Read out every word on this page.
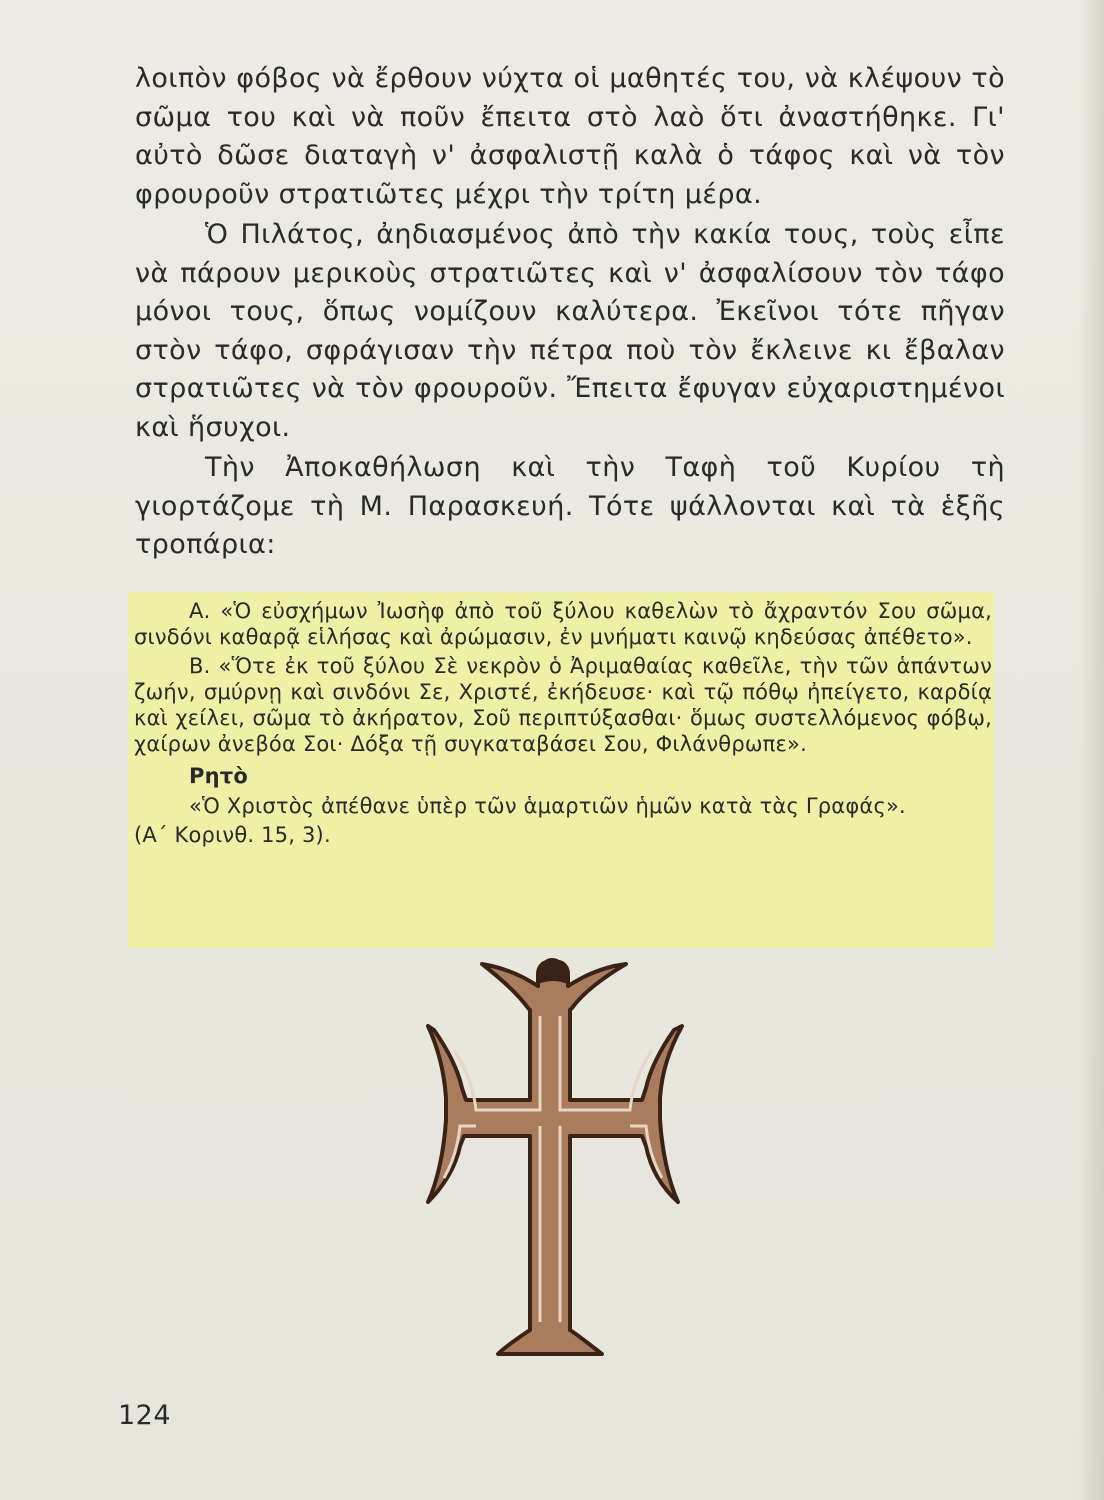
λοιπὸν φόβος νὰ ἔρθουν νύχτα οἱ μαθητές του, νὰ κλέψουν τὸ σῶμα του καὶ νὰ ποῦν ἔπειτα στὸ λαὸ ὅτι ἀναστήθηκε. Γι' αὐτὸ δῶσε διαταγὴ ν' ἀσφαλιστῇ καλὰ ὁ τάφος καὶ νὰ τὸν φρουροῦν στρατιῶτες μέχρι τὴν τρίτη μέρα.

Ὁ Πιλάτος, ἀηδιασμένος ἀπὸ τὴν κακία τους, τοὺς εἶπε νὰ πάρουν μερικοὺς στρατιῶτες καὶ ν' ἀσφαλίσουν τὸν τάφο μόνοι τους, ὅπως νομίζουν καλύτερα. Ἐκεῖνοι τότε πῆγαν στὸν τάφο, σφράγισαν τὴν πέτρα ποὺ τὸν ἔκλεινε κι ἔβαλαν στρατιῶτες νὰ τὸν φρουροῦν. Ἔπειτα ἔφυγαν εὐχαριστημένοι καὶ ἥσυχοι.

Τὴν Ἀποκαθήλωση καὶ τὴν Ταφὴ τοῦ Κυρίου τὴ γιορτάζομε τὴ Μ. Παρασκευή. Τότε ψάλλονται καὶ τὰ ἑξῆς τροπάρια:

Α. «Ὁ εὐσχήμων Ἰωσὴφ ἀπὸ τοῦ ξύλου καθελὼν τὸ ἄχραντόν Σου σῶμα, σινδόνι καθαρᾷ εἱλήσας καὶ ἀρώμασιν, ἐν μνήματι καινῷ κηδεύσας ἀπέθετο».

Β. «Ὅτε ἐκ τοῦ ξύλου Σὲ νεκρὸν ὁ Ἀριμαθαίας καθεῖλε, τὴν τῶν ἁπάντων ζωήν, σμύρνῃ καὶ σινδόνι Σε, Χριστέ, ἐκήδευσε· καὶ τῷ πόθῳ ἠπείγετο, καρδίᾳ καὶ χείλει, σῶμα τὸ ἀκήρατον, Σοῦ περιπτύξασθαι· ὅμως συστελλόμενος φόβῳ, χαίρων ἀνεβόα Σοι· Δόξα τῇ συγκαταβάσει Σου, Φιλάνθρωπε».

Ρητὸ

«Ὁ Χριστὸς ἀπέθανε ὑπὲρ τῶν ἁμαρτιῶν ἡμῶν κατὰ τὰς Γραφάς».

(Α΄ Κορινθ. 15, 3).

124
